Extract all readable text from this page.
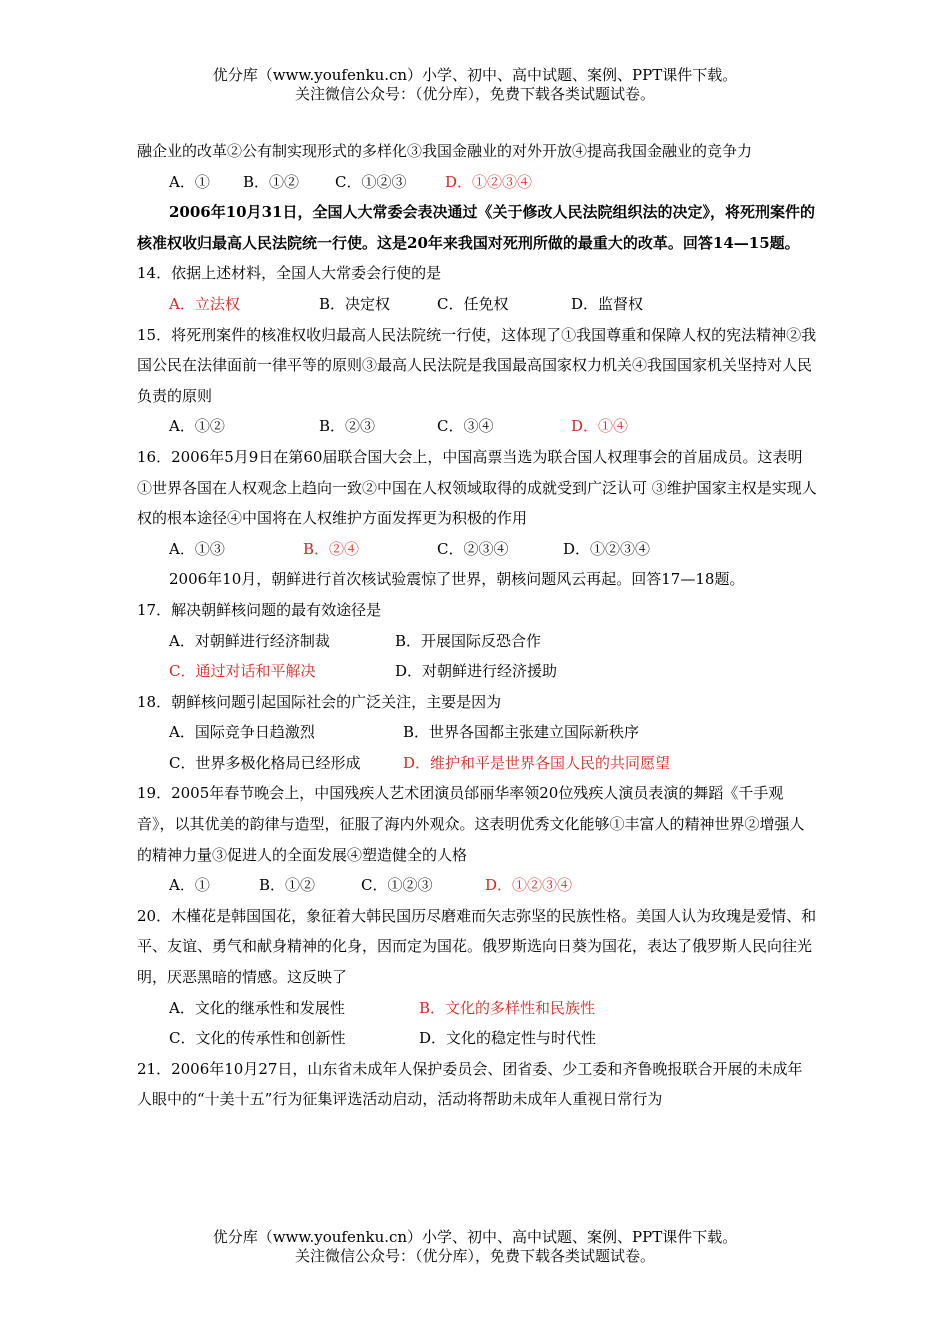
优分库（www.youfenku.cn）小学、初中、高中试题、案例、PPT课件下载。
关注微信公众号：（优分库），免费下载各类试题试卷。

融企业的改革②公有制实现形式的多样化③我国金融业的对外开放④提高我国金融业的竞争力

A．① B．①② C．①②③	D．①②③④

2006年10月31日，全国人大常委会表决通过《关于修改人民法院组织法的决定》，将死刑案件的核准权收归最高人民法院统一行使。这是20年来我国对死刑所做的最重大的改革。回答14—15题。

14．依据上述材料，全国人大常委会行使的是

A．立法权	B．决定权	C．任免权	D．监督权

15．将死刑案件的核准权收归最高人民法院统一行使，这体现了①我国尊重和保障人权的宪法精神②我国公民在法律面前一律平等的原则③最高人民法院是我国最高国家权力机关④我国国家机关坚持对人民负责的原则

A．①②	B．②③	C．③④	D．①④

16．2006年5月9日在第60届联合国大会上，中国高票当选为联合国人权理事会的首届成员。这表明①世界各国在人权观念上趋向一致②中国在人权领域取得的成就受到广泛认可 ③维护国家主权是实现人权的根本途径④中国将在人权维护方面发挥更为积极的作用

A．①③	B．②④	C．②③④	D．①②③④

2006年10月，朝鲜进行首次核试验震惊了世界，朝核问题风云再起。回答17—18题。

17．解决朝鲜核问题的最有效途径是

A．对朝鲜进行经济制裁	B．开展国际反恐合作

C．通过对话和平解决	D．对朝鲜进行经济援助

18．朝鲜核问题引起国际社会的广泛关注，主要是因为

A．国际竞争日趋激烈	B．世界各国都主张建立国际新秩序

C．世界多极化格局已经形成	D．维护和平是世界各国人民的共同愿望

19．2005年春节晚会上，中国残疾人艺术团演员邰丽华率领20位残疾人演员表演的舞蹈《千手观音》，以其优美的韵律与造型，征服了海内外观众。这表明优秀文化能够①丰富人的精神世界②增强人的精神力量③促进人的全面发展④塑造健全的人格

A．①	B．①②	C．①②③	D．①②③④

20．木槿花是韩国国花，象征着大韩民国历尽磨难而矢志弥坚的民族性格。美国人认为玫瑰是爱情、和平、友谊、勇气和献身精神的化身，因而定为国花。俄罗斯选向日葵为国花，表达了俄罗斯人民向往光明，厌恶黑暗的情感。这反映了

A．文化的继承性和发展性	B．文化的多样性和民族性

C．文化的传承性和创新性	D．文化的稳定性与时代性

21．2006年10月27日，山东省未成年人保护委员会、团省委、少工委和齐鲁晚报联合开展的未成年人眼中的“十美十五”行为征集评选活动启动，活动将帮助未成年人重视日常行为

优分库（www.youfenku.cn）小学、初中、高中试题、案例、PPT课件下载。
关注微信公众号：（优分库），免费下载各类试题试卷。
